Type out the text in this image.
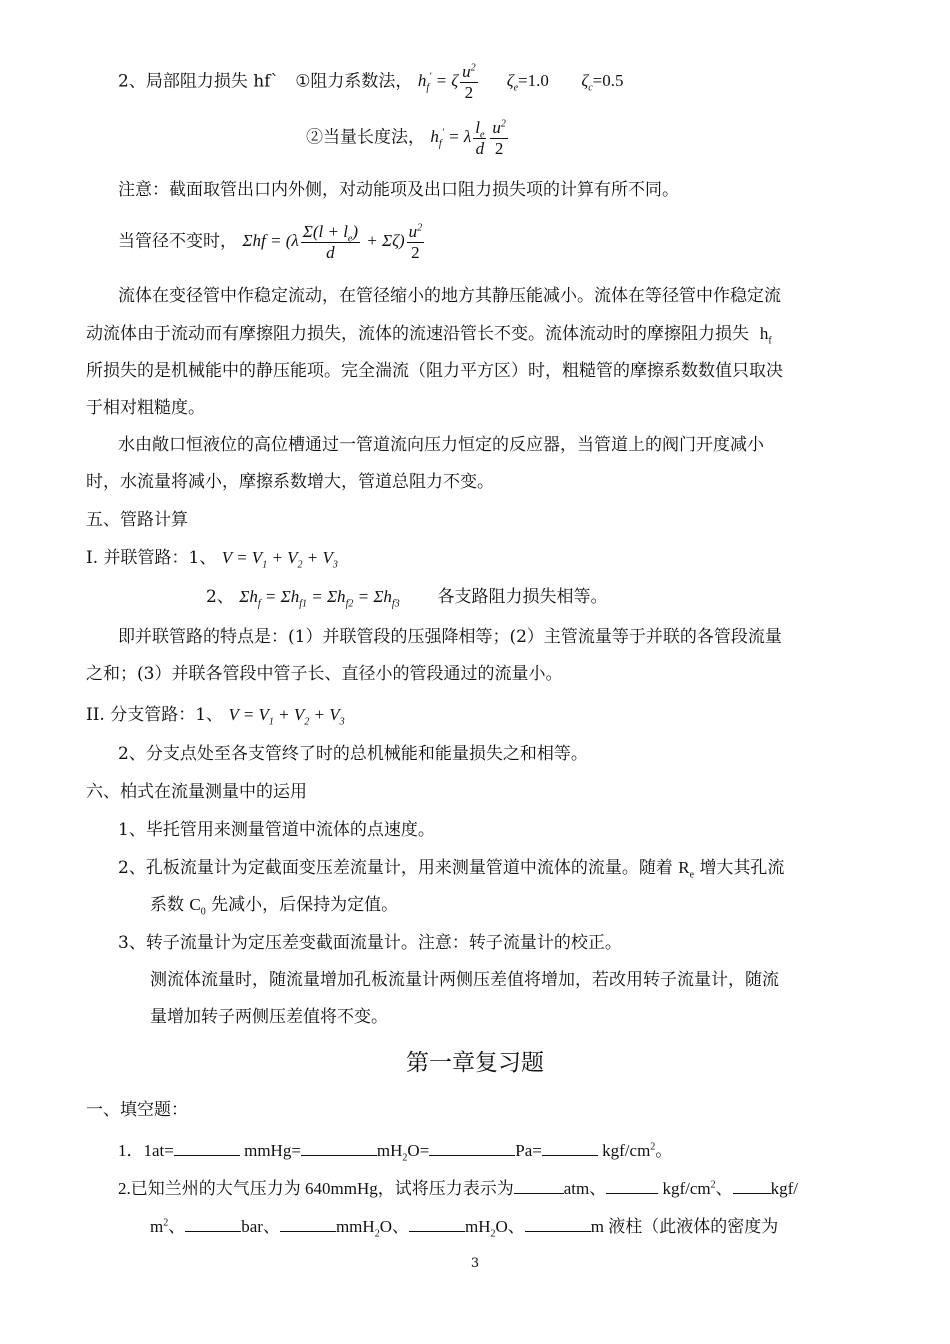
2、局部阻力损失 hf` ①阻力系数法， $h_f' = \zeta \frac{u^2}{2} \zeta_e=1.0$ $\zeta_c=0.5$
②当量长度法， $h_f' = \lambda \frac{l_e}{d} \frac{u^2}{2}$
注意：截面取管出口内外侧，对动能项及出口阻力损失项的计算有所不同。
当管径不变时， $\Sigma hf = (\lambda \frac{\Sigma(l + l_e)}{d} + \Sigma\zeta) \frac{u^2}{2}$
流体在变径管中作稳定流动，在管径缩小的地方其静压能减小。流体在等径管中作稳定流
动流体由于流动而有摩擦阻力损失，流体的流速沿管长不变。流体流动时的摩擦阻力损失 $h_f$
所损失的是机械能中的静压能项。完全湍流（阻力平方区）时，粗糙管的摩擦系数数值只取决
于相对粗糙度。
水由敞口恒液位的高位槽通过一管道流向压力恒定的反应器，当管道上的阀门开度减小
时，水流量将减小，摩擦系数增大，管道总阻力不变。
五、管路计算
I. 并联管路：1、 $V = V_1 + V_2 + V_3$
2、 $\Sigma h_f = \Sigma h_{f1} = \Sigma h_{f2} = \Sigma h_{f3}$ 各支路阻力损失相等。
即并联管路的特点是：(1）并联管段的压强降相等；(2）主管流量等于并联的各管段流量
之和；(3）并联各管段中管子长、直径小的管段通过的流量小。
II. 分支管路：1、 $V = V_1 + V_2 + V_3$
2、分支点处至各支管终了时的总机械能和能量损失之和相等。
六、柏式在流量测量中的运用
1、毕托管用来测量管道中流体的点速度。
2、孔板流量计为定截面变压差流量计，用来测量管道中流体的流量。随着 $R_e$ 增大其孔流
系数 $C_0$ 先减小，后保持为定值。
3、转子流量计为定压差变截面流量计。注意：转子流量计的校正。
测流体流量时，随流量增加孔板流量计两侧压差值将增加，若改用转子流量计，随流
量增加转子两侧压差值将不变。
第一章复习题
一、填空题：
1．1at=	mmHg=	$mH_2O=$	Pa=	kgf/$cm^2$。
2.已知兰州的大气压力为 640mmHg，试将压力表示为	atm、	kgf/$cm^2$、 kgf/
$m^2$、	bar、	mmH$_2$O、	$mH_2O$、	m 液柱（此液体的密度为
3
